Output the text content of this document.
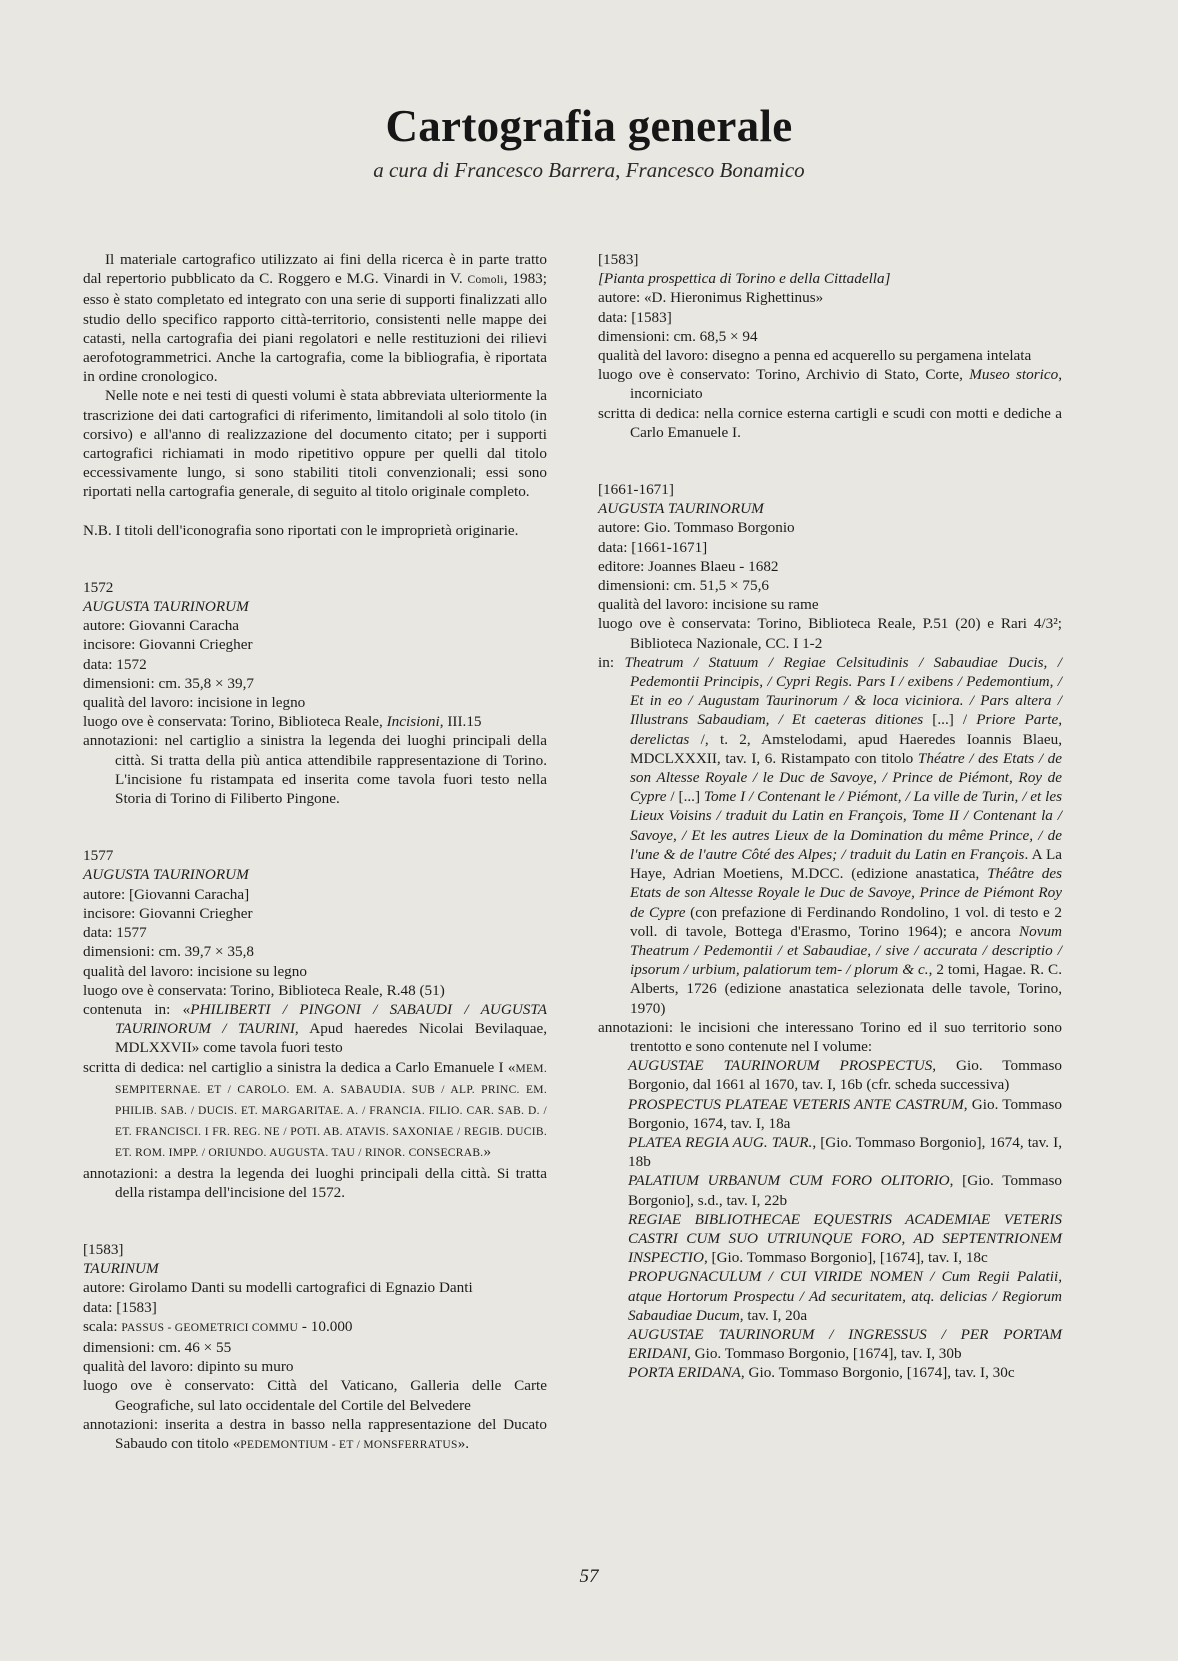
Cartografia generale
a cura di Francesco Barrera, Francesco Bonamico

Il materiale cartografico utilizzato ai fini della ricerca è in parte tratto dal repertorio pubblicato da C. Roggero e M.G. Vinardi in V. Comoli, 1983; esso è stato completato ed integrato con una serie di supporti finalizzati allo studio dello specifico rapporto città-territorio, consistenti nelle mappe dei catasti, nella cartografia dei piani regolatori e nelle restituzioni dei rilievi aerofotogrammetrici. Anche la cartografia, come la bibliografia, è riportata in ordine cronologico.

Nelle note e nei testi di questi volumi è stata abbreviata ulteriormente la trascrizione dei dati cartografici di riferimento, limitandoli al solo titolo (in corsivo) e all'anno di realizzazione del documento citato; per i supporti cartografici richiamati in modo ripetitivo oppure per quelli dal titolo eccessivamente lungo, si sono stabiliti titoli convenzionali; essi sono riportati nella cartografia generale, di seguito al titolo originale completo.

N.B. I titoli dell'iconografia sono riportati con le improprietà originarie.

1572

AUGUSTA TAURINORUM

autore: Giovanni Caracha

incisore: Giovanni Criegher

data: 1572

dimensioni: cm. 35,8 × 39,7

qualità del lavoro: incisione in legno

luogo ove è conservata: Torino, Biblioteca Reale, Incisioni, III.15

annotazioni: nel cartiglio a sinistra la legenda dei luoghi principali della città. Si tratta della più antica attendibile rappresentazione di Torino. L'incisione fu ristampata ed inserita come tavola fuori testo nella Storia di Torino di Filiberto Pingone.

1577

AUGUSTA TAURINORUM

autore: [Giovanni Caracha]

incisore: Giovanni Criegher

data: 1577

dimensioni: cm. 39,7 × 35,8

qualità del lavoro: incisione su legno

luogo ove è conservata: Torino, Biblioteca Reale, R.48 (51)

contenuta in: «PHILIBERTI / PINGONI / SABAUDI / AUGUSTA TAURINORUM / TAURINI, Apud haeredes Nicolai Bevilaquae, MDLXXVII» come tavola fuori testo

scritta di dedica: nel cartiglio a sinistra la dedica a Carlo Emanuele I «MEM. SEMPITERNAE. ET / CAROLO. EM. A. SABAUDIA. SUB / ALP. PRINC. EM. PHILIB. SAB. / DUCIS. ET. MARGARITAE. A. / FRANCIA. FILIO. CAR. SAB. D. / ET. FRANCISCI. I FR. REG. NE / POTI. AB. ATAVIS. SAXONIAE / REGIB. DUCIB. ET. ROM. IMPP. / ORIUNDO. AUGUSTA. TAU / RINOR. CONSECRAB.»

annotazioni: a destra la legenda dei luoghi principali della città. Si tratta della ristampa dell'incisione del 1572.

[1583]

TAURINUM

autore: Girolamo Danti su modelli cartografici di Egnazio Danti

data: [1583]

scala: PASSUS - GEOMETRICI COMMU - 10.000

dimensioni: cm. 46 × 55

qualità del lavoro: dipinto su muro

luogo ove è conservato: Città del Vaticano, Galleria delle Carte Geografiche, sul lato occidentale del Cortile del Belvedere

annotazioni: inserita a destra in basso nella rappresentazione del Ducato Sabaudo con titolo «PEDEMONTIUM - ET / MONSFERRATUS».

[1583]

[Pianta prospettica di Torino e della Cittadella]

autore: «D. Hieronimus Righettinus»

data: [1583]

dimensioni: cm. 68,5 × 94

qualità del lavoro: disegno a penna ed acquerello su pergamena intelata

luogo ove è conservato: Torino, Archivio di Stato, Corte, Museo storico, incorniciato

scritta di dedica: nella cornice esterna cartigli e scudi con motti e dediche a Carlo Emanuele I.

[1661-1671]

AUGUSTA TAURINORUM

autore: Gio. Tommaso Borgonio

data: [1661-1671]

editore: Joannes Blaeu - 1682

dimensioni: cm. 51,5 × 75,6

qualità del lavoro: incisione su rame

luogo ove è conservata: Torino, Biblioteca Reale, P.51 (20) e Rari 4/3²; Biblioteca Nazionale, CC. I 1-2

in: Theatrum / Statuum / Regiae Celsitudinis / Sabaudiae Ducis, / Pedemontii Principis, / Cypri Regis. Pars I / exibens / Pedemontium, / Et in eo / Augustam Taurinorum / & loca viciniora. / Pars altera / Illustrans Sabaudiam, / Et caeteras ditiones [...] / Priore Parte, derelictas /, t. 2, Amstelodami, apud Haeredes Ioannis Blaeu, MDCLXXXII, tav. I, 6. Ristampato con titolo Théatre / des Etats / de son Altesse Royale / le Duc de Savoye, / Prince de Piémont, Roy de Cypre / [...] Tome I / Contenant le / Piémont, / La ville de Turin, / et les Lieux Voisins / traduit du Latin en François, Tome II / Contenant la / Savoye, / Et les autres Lieux de la Domination du même Prince, / de l'une & de l'autre Côté des Alpes; / traduit du Latin en François. A La Haye, Adrian Moetiens, M.DCC. (edizione anastatica, Théâtre des Etats de son Altesse Royale le Duc de Savoye, Prince de Piémont Roy de Cypre (con prefazione di Ferdinando Rondolino, 1 vol. di testo e 2 voll. di tavole, Bottega d'Erasmo, Torino 1964); e ancora Novum Theatrum / Pedemontii / et Sabaudiae, / sive / accurata / descriptio / ipsorum / urbium, palatiorum tem- / plorum & c., 2 tomi, Hagae. R. C. Alberts, 1726 (edizione anastatica selezionata delle tavole, Torino, 1970)

annotazioni: le incisioni che interessano Torino ed il suo territorio sono trentotto e sono contenute nel I volume:

AUGUSTAE TAURINORUM PROSPECTUS, Gio. Tommaso Borgonio, dal 1661 al 1670, tav. I, 16b (cfr. scheda successiva)

PROSPECTUS PLATEAE VETERIS ANTE CASTRUM, Gio. Tommaso Borgonio, 1674, tav. I, 18a

PLATEA REGIA AUG. TAUR., [Gio. Tommaso Borgonio], 1674, tav. I, 18b

PALATIUM URBANUM CUM FORO OLITORIO, [Gio. Tommaso Borgonio], s.d., tav. I, 22b

REGIAE BIBLIOTHECAE EQUESTRIS ACADEMIAE VETERIS CASTRI CUM SUO UTRIUNQUE FORO, AD SEPTENTRIONEM INSPECTIO, [Gio. Tommaso Borgonio], [1674], tav. I, 18c

PROPUGNACULUM / CUI VIRIDE NOMEN / Cum Regii Palatii, atque Hortorum Prospectu / Ad securitatem, atq. delicias / Regiorum Sabaudiae Ducum, tav. I, 20a

AUGUSTAE TAURINORUM / INGRESSUS / PER PORTAM ERIDANI, Gio. Tommaso Borgonio, [1674], tav. I, 30b

PORTA ERIDANA, Gio. Tommaso Borgonio, [1674], tav. I, 30c

57
